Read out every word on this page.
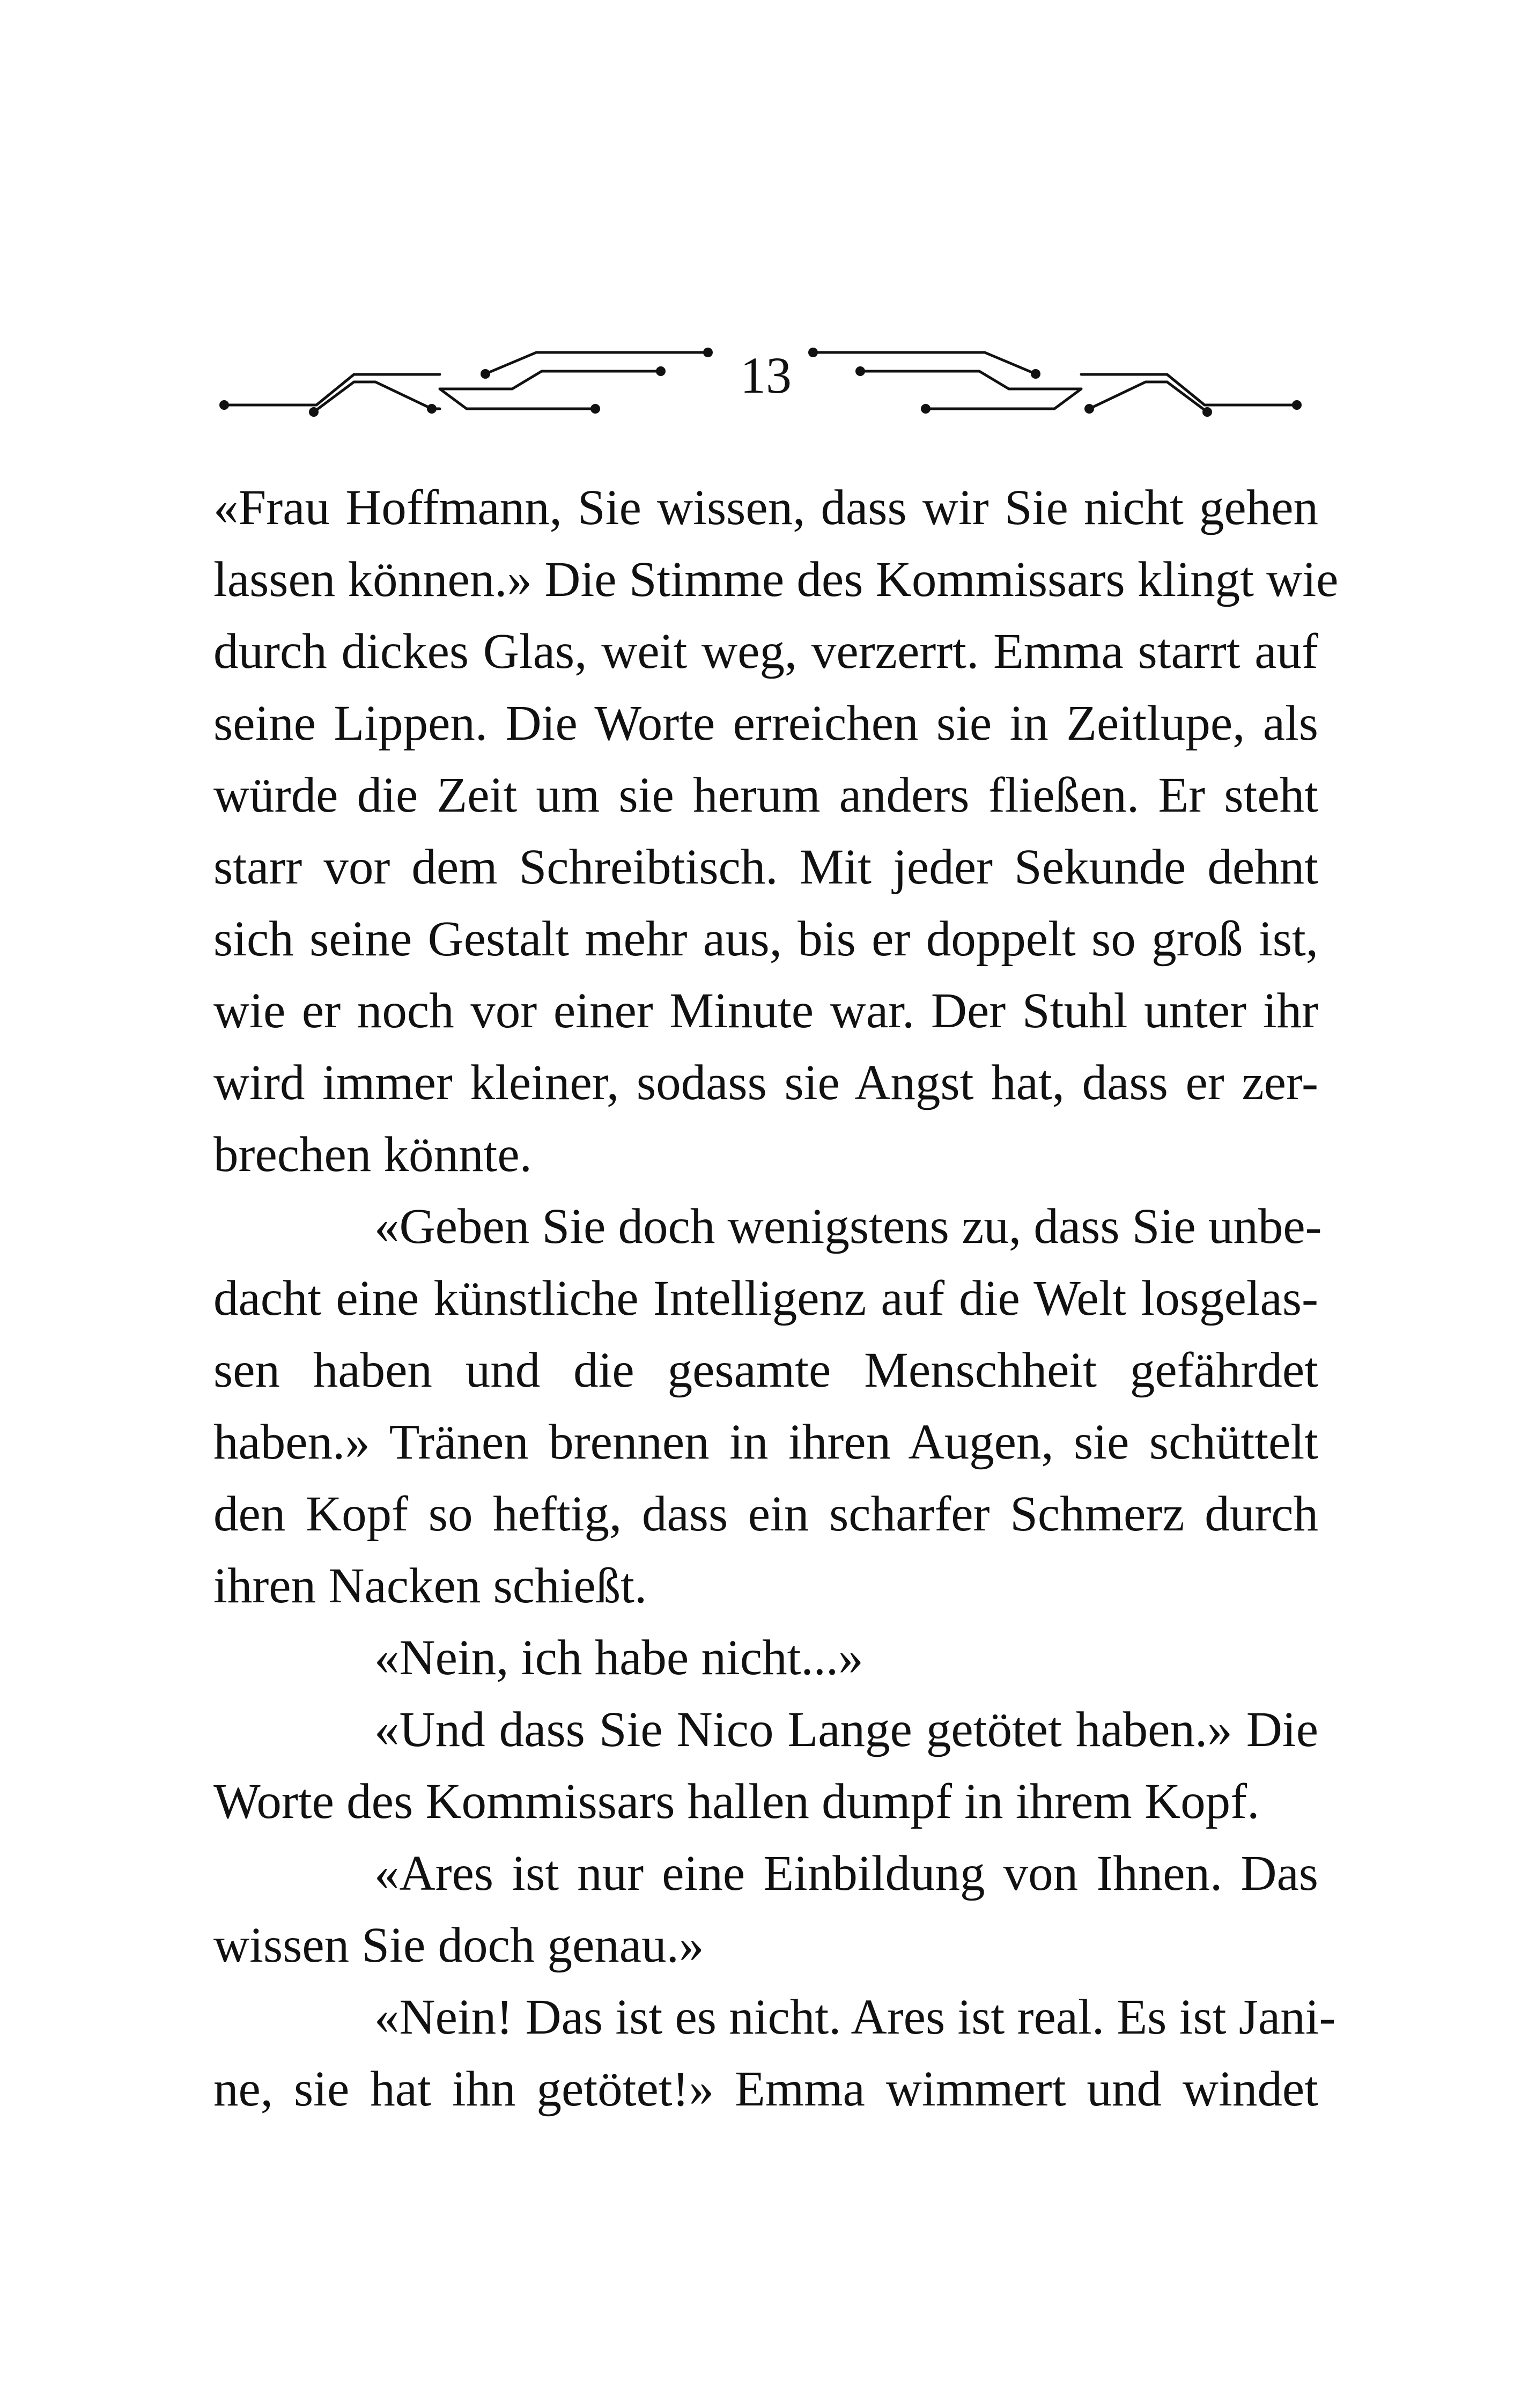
13
«Frau Hoffmann, Sie wissen, dass wir Sie nicht gehen
lassen können.» Die Stimme des Kommissars klingt wie
durch dickes Glas, weit weg, verzerrt. Emma starrt auf
seine Lippen. Die Worte erreichen sie in Zeitlupe, als
würde die Zeit um sie herum anders fließen. Er steht
starr vor dem Schreibtisch. Mit jeder Sekunde dehnt
sich seine Gestalt mehr aus, bis er doppelt so groß ist,
wie er noch vor einer Minute war. Der Stuhl unter ihr
wird immer kleiner, sodass sie Angst hat, dass er zer-
brechen könnte.
«Geben Sie doch wenigstens zu, dass Sie unbe-
dacht eine künstliche Intelligenz auf die Welt losgelas-
sen haben und die gesamte Menschheit gefährdet
haben.» Tränen brennen in ihren Augen, sie schüttelt
den Kopf so heftig, dass ein scharfer Schmerz durch
ihren Nacken schießt.
«Nein, ich habe nicht...»
«Und dass Sie Nico Lange getötet haben.» Die
Worte des Kommissars hallen dumpf in ihrem Kopf.
«Ares ist nur eine Einbildung von Ihnen. Das
wissen Sie doch genau.»
«Nein! Das ist es nicht. Ares ist real. Es ist Jani-
ne, sie hat ihn getötet!» Emma wimmert und windet
